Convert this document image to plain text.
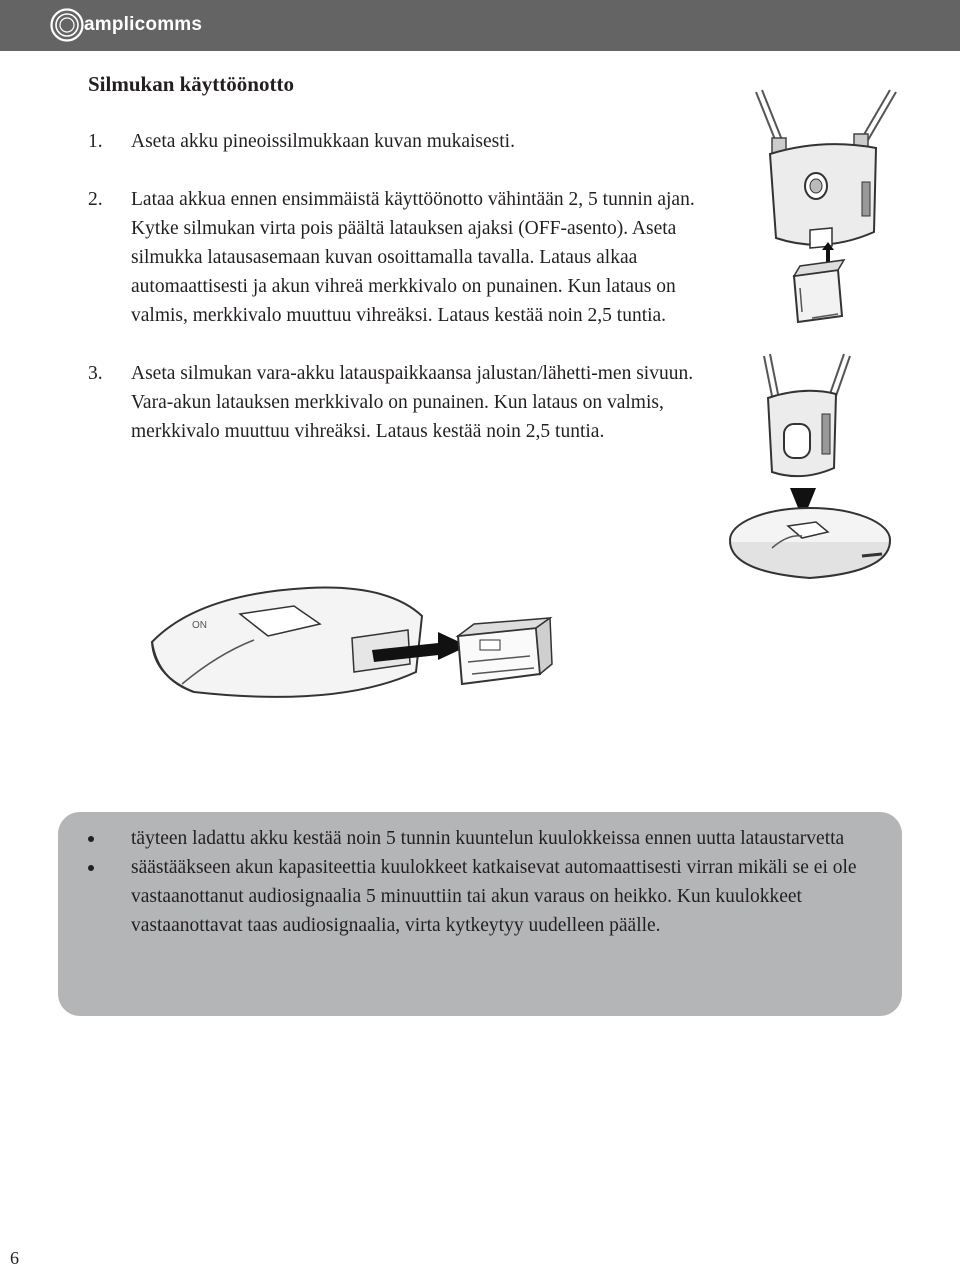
amplicomms
Silmukan käyttöönotto
1. Aseta akku pineoissilmukkaan kuvan mukaisesti.
2. Lataa akkua ennen ensimmäistä käyttöönotto vähintään 2, 5 tunnin ajan. Kytke silmukan virta pois päältä latauksen ajaksi (OFF-asento). Aseta silmukka latausasemaan kuvan osoittamalla tavalla. Lataus alkaa automaattisesti ja akun vihreä merkkivalo on punainen. Kun lataus on valmis, merkkivalo muuttuu vihreäksi. Lataus kestää noin 2,5 tuntia.
3. Aseta silmukan vara-akku latauspaikkaansa jalustan/lähetti-men sivuun. Vara-akun latauksen merkkivalo on punainen. Kun lataus on valmis, merkkivalo muuttuu vihreäksi. Lataus kestää noin 2,5 tuntia.
ON
täyteen ladattu akku kestää noin 5 tunnin kuuntelun kuulokkeissa ennen uutta lataustarvetta
säästääkseen akun kapasiteettia kuulokkeet katkaisevat automaattisesti virran mikäli se ei ole vastaanottanut audiosignaalia 5 minuuttiin tai akun varaus on heikko. Kun kuulokkeet vastaanottavat taas audiosignaalia, virta kytkeytyy uudelleen päälle.
6
